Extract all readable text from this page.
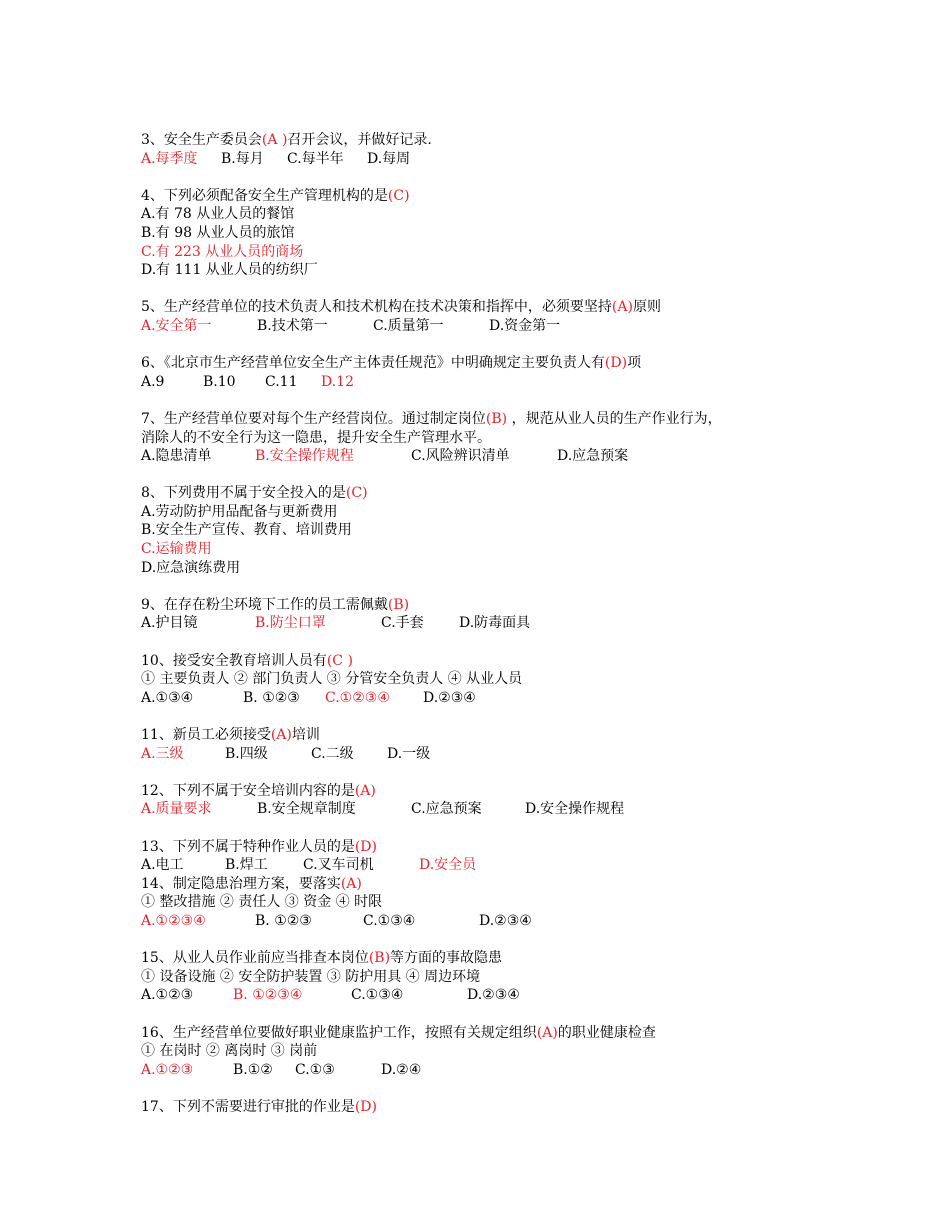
3、安全生产委员会(A )召开会议，并做好记录.
A.每季度 B.每月 C.每半年 D.每周
4、下列必须配备安全生产管理机构的是(C)
A.有 78 从业人员的餐馆
B.有 98 从业人员的旅馆
C.有 223 从业人员的商场
D.有 111 从业人员的纺织厂
5、生产经营单位的技术负责人和技术机构在技术决策和指挥中，必须要坚持(A)原则
A.安全第一	B.技术第一	C.质量第一	D.资金第一
6、《北京市生产经营单位安全生产主体责任规范》中明确规定主要负责人有(D)项
A.9	B.10 C.11 D.12
7、生产经营单位要对每个生产经营岗位。通过制定岗位(B) ，规范从业人员的生产作业行为，
消除人的不安全行为这一隐患，提升安全生产管理水平。
A.隐患清单	B.安全操作规程	C.风险辨识清单	D.应急预案
8、下列费用不属于安全投入的是(C)
A.劳动防护用品配备与更新费用
B.安全生产宣传、教育、培训费用
C.运输费用
D.应急演练费用
9、在存在粉尘环境下工作的员工需佩戴(B)
A.护目镜	B.防尘口罩	C.手套	D.防毒面具
10、接受安全教育培训人员有(C )
① 主要负责人 ② 部门负责人 ③ 分管安全负责人 ④ 从业人员
A.①③④	B. ①②③ C.①②③④ D.②③④
11、新员工必须接受(A)培训
A.三级	B.四级	C.二级 D.一级
12、下列不属于安全培训内容的是(A)
A.质量要求	B.安全规章制度	C.应急预案	D.安全操作规程
13、下列不属于特种作业人员的是(D)
A.电工	B.焊工	C.叉车司机	D.安全员
14、制定隐患治理方案，要落实(A)
① 整改措施 ② 责任人 ③ 资金 ④ 时限
A.①②③④	B. ①②③	C.①③④	D.②③④
15、从业人员作业前应当排查本岗位(B)等方面的事故隐患
① 设备设施 ② 安全防护装置 ③ 防护用具 ④ 周边环境
A.①②③	B. ①②③④	C.①③④	D.②③④
16、生产经营单位要做好职业健康监护工作，按照有关规定组织(A)的职业健康检查
① 在岗时 ② 离岗时 ③ 岗前
A.①②③	B.①② C.①③	D.②④
17、下列不需要进行审批的作业是(D)
